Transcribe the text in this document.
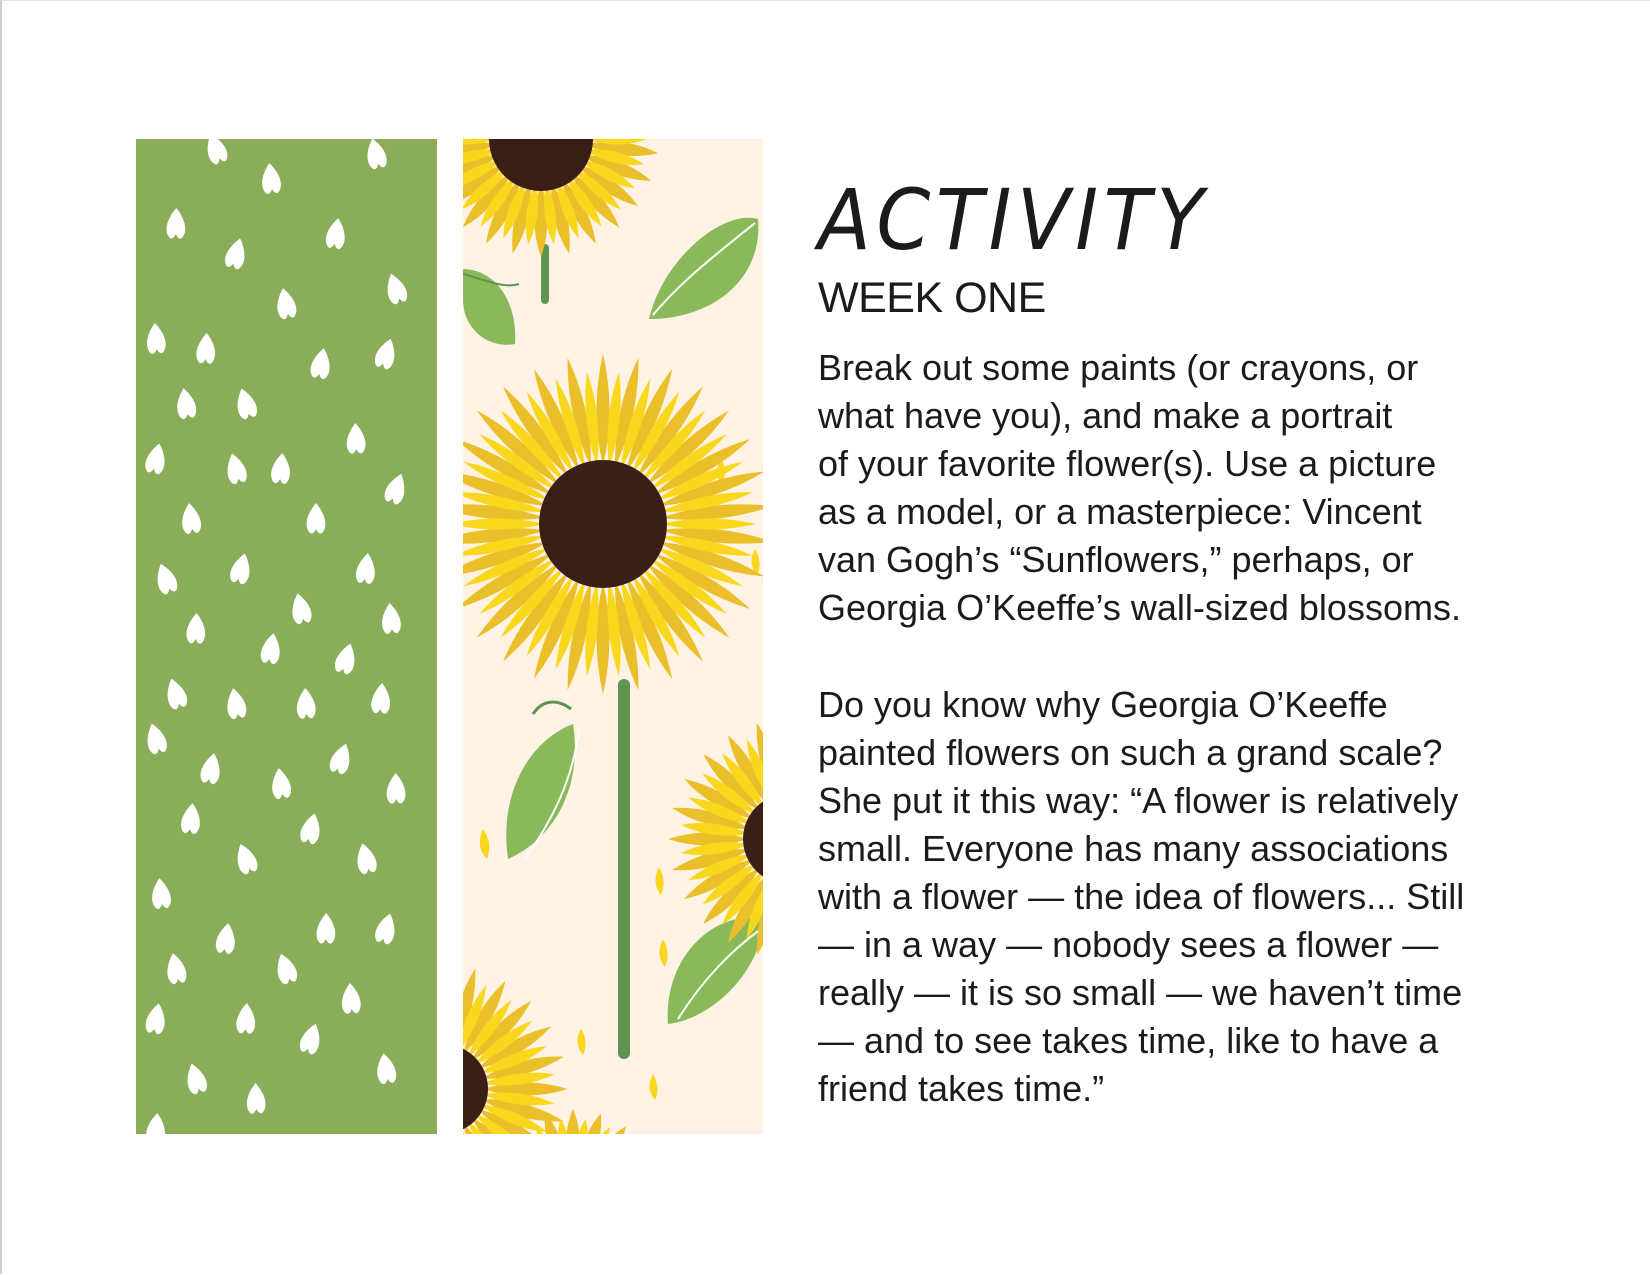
ACTIVITY
WEEK ONE

Break out some paints (or crayons, or
what have you), and make a portrait
of your favorite flower(s). Use a picture
as a model, or a masterpiece: Vincent
van Gogh’s “Sunflowers,” perhaps, or
Georgia O’Keeffe’s wall-sized blossoms.

Do you know why Georgia O’Keeffe
painted flowers on such a grand scale?
She put it this way: “A flower is relatively
small. Everyone has many associations
with a flower — the idea of flowers... Still
— in a way — nobody sees a flower —
really — it is so small — we haven’t time
— and to see takes time, like to have a
friend takes time.”
